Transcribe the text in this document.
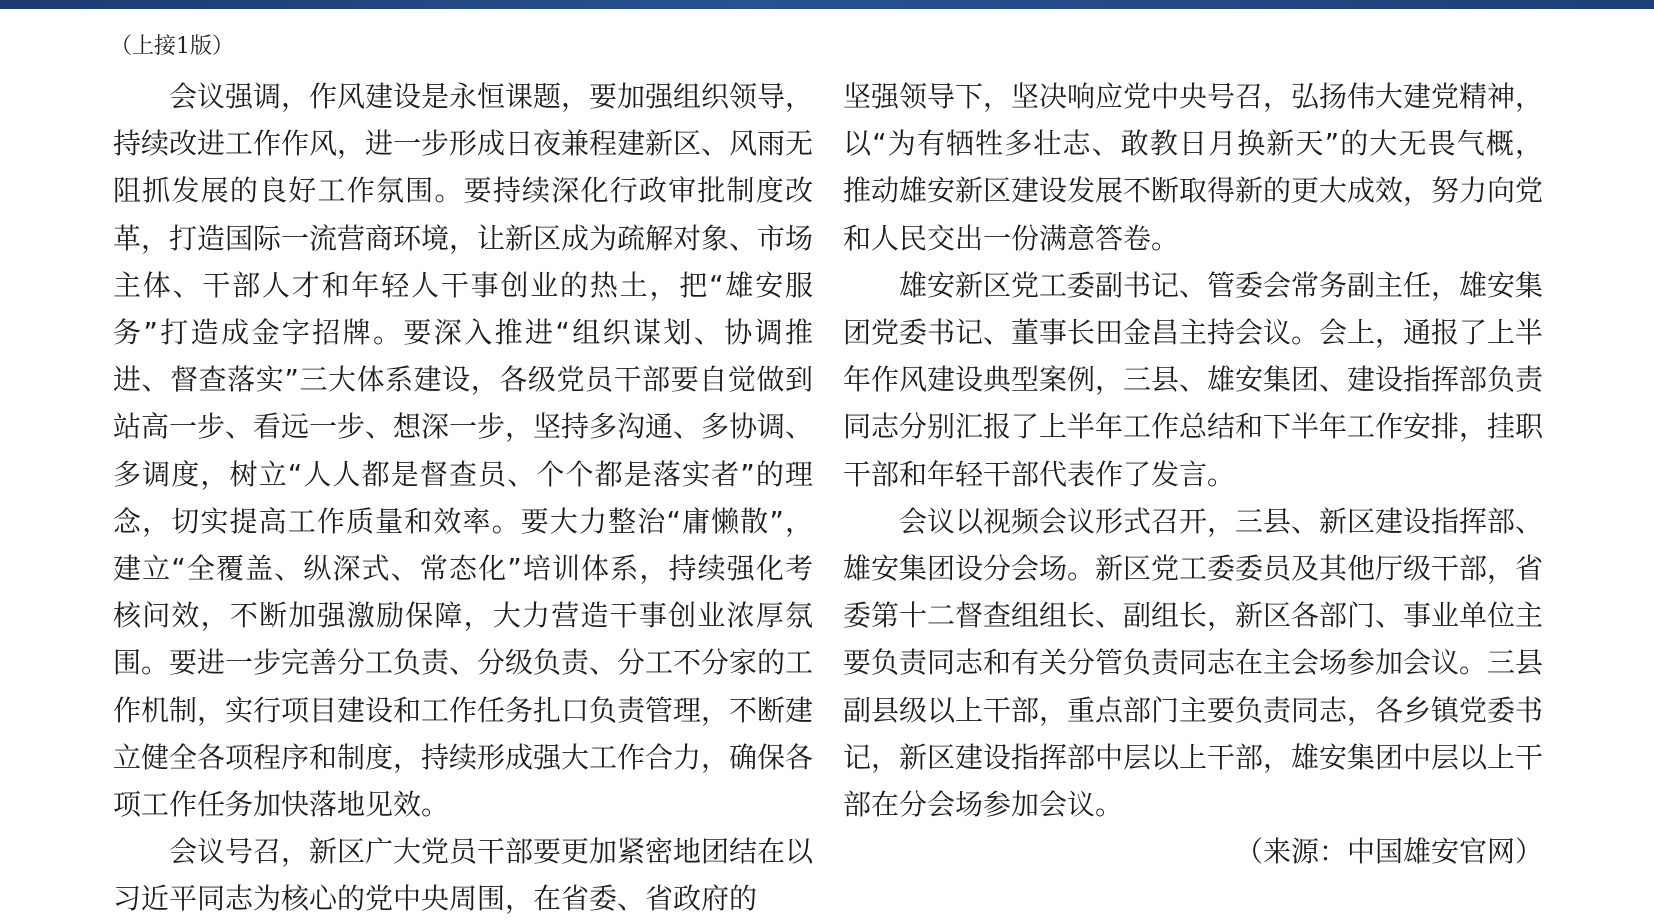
（上接1版）

会议强调，作风建设是永恒课题，要加强组织领导，持续改进工作作风，进一步形成日夜兼程建新区、风雨无阻抓发展的良好工作氛围。要持续深化行政审批制度改革，打造国际一流营商环境，让新区成为疏解对象、市场主体、干部人才和年轻人干事创业的热土，把“雄安服务”打造成金字招牌。要深入推进“组织谋划、协调推进、督查落实”三大体系建设，各级党员干部要自觉做到站高一步、看远一步、想深一步，坚持多沟通、多协调、多调度，树立“人人都是督查员、个个都是落实者”的理念，切实提高工作质量和效率。要大力整治“庸懒散”，建立“全覆盖、纵深式、常态化”培训体系，持续强化考核问效，不断加强激励保障，大力营造干事创业浓厚氛围。要进一步完善分工负责、分级负责、分工不分家的工作机制，实行项目建设和工作任务扎口负责管理，不断建立健全各项程序和制度，持续形成强大工作合力，确保各项工作任务加快落地见效。

会议号召，新区广大党员干部要更加紧密地团结在以习近平同志为核心的党中央周围，在省委、省政府的

坚强领导下，坚决响应党中央号召，弘扬伟大建党精神，以“为有牺牲多壮志、敢教日月换新天”的大无畏气概，推动雄安新区建设发展不断取得新的更大成效，努力向党和人民交出一份满意答卷。

雄安新区党工委副书记、管委会常务副主任，雄安集团党委书记、董事长田金昌主持会议。会上，通报了上半年作风建设典型案例，三县、雄安集团、建设指挥部负责同志分别汇报了上半年工作总结和下半年工作安排，挂职干部和年轻干部代表作了发言。

会议以视频会议形式召开，三县、新区建设指挥部、雄安集团设分会场。新区党工委委员及其他厅级干部，省委第十二督查组组长、副组长，新区各部门、事业单位主要负责同志和有关分管负责同志在主会场参加会议。三县副县级以上干部，重点部门主要负责同志，各乡镇党委书记，新区建设指挥部中层以上干部，雄安集团中层以上干部在分会场参加会议。

（来源：中国雄安官网）
